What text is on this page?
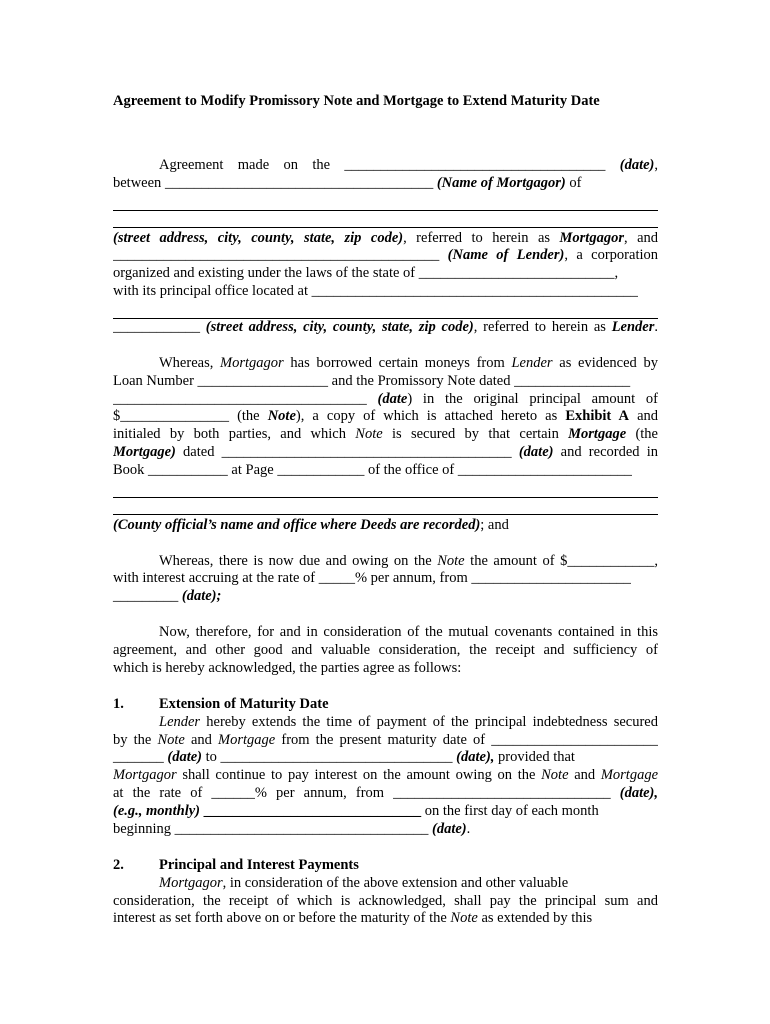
Agreement to Modify Promissory Note and Mortgage to Extend Maturity Date
Agreement made on the ____________________________________ (date),
between _____________________________________ (Name of Mortgagor) of
(street address, city, county, state, zip code), referred to herein as Mortgagor, and
_____________________________________________ (Name of Lender), a corporation
organized and existing under the laws of the state of ___________________________,
with its principal office located at _____________________________________________
____________ (street address, city, county, state, zip code), referred to herein as Lender.
Whereas, Mortgagor has borrowed certain moneys from Lender as evidenced by
Loan Number __________________ and the Promissory Note dated ________________
___________________________________ (date) in the original principal amount of
$_______________ (the Note), a copy of which is attached hereto as Exhibit A and
initialed by both parties, and which Note is secured by that certain Mortgage (the
Mortgage) dated ________________________________________ (date) and recorded in
Book ___________ at Page ____________ of the office of ________________________
(County official’s name and office where Deeds are recorded); and
Whereas, there is now due and owing on the Note the amount of $____________,
with interest accruing at the rate of _____% per annum, from ______________________
_________ (date);
Now, therefore, for and in consideration of the mutual covenants contained in this
agreement, and other good and valuable consideration, the receipt and sufficiency of
which is hereby acknowledged, the parties agree as follows:
1. Extension of Maturity Date
Lender hereby extends the time of payment of the principal indebtedness secured
by the Note and Mortgage from the present maturity date of _______________________
_______ (date) to ________________________________ (date), provided that
Mortgagor shall continue to pay interest on the amount owing on the Note and Mortgage
at the rate of ______% per annum, from ______________________________ (date),
(e.g., monthly) ______________________________ on the first day of each month
beginning ___________________________________ (date).
2. Principal and Interest Payments
Mortgagor, in consideration of the above extension and other valuable
consideration, the receipt of which is acknowledged, shall pay the principal sum and
interest as set forth above on or before the maturity of the Note as extended by this
